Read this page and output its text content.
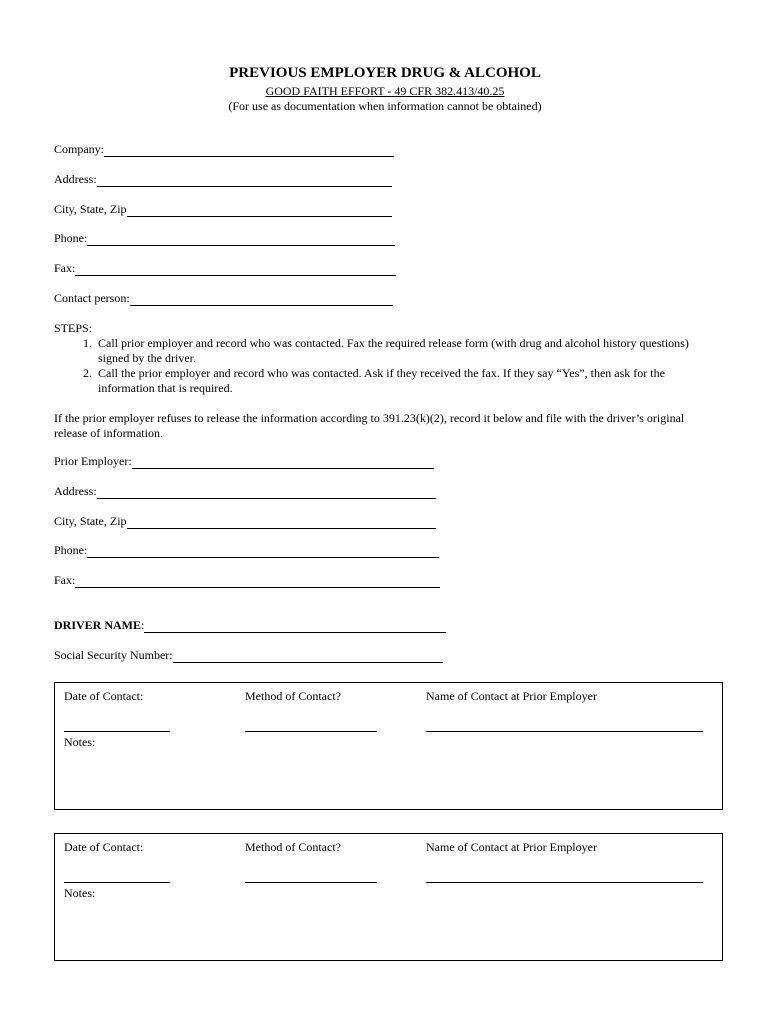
PREVIOUS EMPLOYER DRUG & ALCOHOL
GOOD FAITH EFFORT - 49 CFR 382.413/40.25
(For use as documentation when information cannot be obtained)
Company:
Address:
City, State, Zip
Phone:
Fax:
Contact person:
STEPS:
1. Call prior employer and record who was contacted. Fax the required release form (with drug and alcohol history questions) signed by the driver.
2. Call the prior employer and record who was contacted. Ask if they received the fax. If they say “Yes”, then ask for the information that is required.
If the prior employer refuses to release the information according to 391.23(k)(2), record it below and file with the driver’s original release of information.
Prior Employer:
Address:
City, State, Zip
Phone:
Fax:
DRIVER NAME :
Social Security Number:
Date of Contact:	Method of Contact?	Name of Contact at Prior Employer
Notes:
Date of Contact:	Method of Contact?	Name of Contact at Prior Employer
Notes:
